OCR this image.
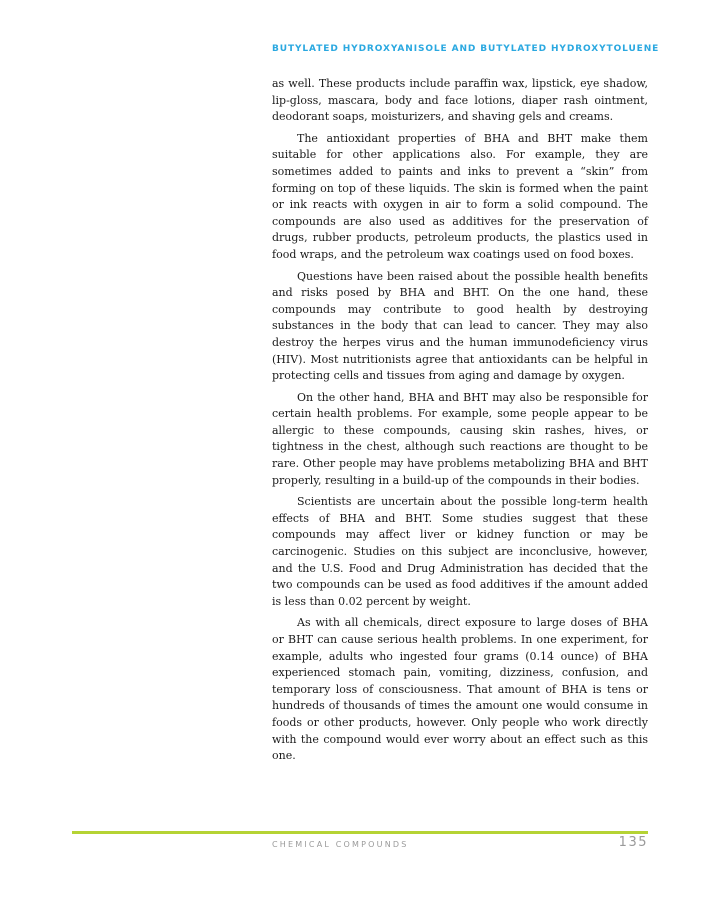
BUTYLATED HYDROXYANISOLE AND BUTYLATED HYDROXYTOLUENE

as well. These products include paraffin wax, lipstick, eye shadow, lip-gloss, mascara, body and face lotions, diaper rash ointment, deodorant soaps, moisturizers, and shaving gels and creams.

The antioxidant properties of BHA and BHT make them suitable for other applications also. For example, they are sometimes added to paints and inks to prevent a “skin” from forming on top of these liquids. The skin is formed when the paint or ink reacts with oxygen in air to form a solid compound. The compounds are also used as additives for the preservation of drugs, rubber products, petroleum products, the plastics used in food wraps, and the petroleum wax coatings used on food boxes.

Questions have been raised about the possible health benefits and risks posed by BHA and BHT. On the one hand, these compounds may contribute to good health by destroying substances in the body that can lead to cancer. They may also destroy the herpes virus and the human immunodeficiency virus (HIV). Most nutritionists agree that antioxidants can be helpful in protecting cells and tissues from aging and damage by oxygen.

On the other hand, BHA and BHT may also be responsible for certain health problems. For example, some people appear to be allergic to these compounds, causing skin rashes, hives, or tightness in the chest, although such reactions are thought to be rare. Other people may have problems metabolizing BHA and BHT properly, resulting in a build-up of the compounds in their bodies.

Scientists are uncertain about the possible long-term health effects of BHA and BHT. Some studies suggest that these compounds may affect liver or kidney function or may be carcinogenic. Studies on this subject are inconclusive, however, and the U.S. Food and Drug Administration has decided that the two compounds can be used as food additives if the amount added is less than 0.02 percent by weight.

As with all chemicals, direct exposure to large doses of BHA or BHT can cause serious health problems. In one experiment, for example, adults who ingested four grams (0.14 ounce) of BHA experienced stomach pain, vomiting, dizziness, confusion, and temporary loss of consciousness. That amount of BHA is tens or hundreds of thousands of times the amount one would consume in foods or other products, however. Only people who work directly with the compound would ever worry about an effect such as this one.

CHEMICAL COMPOUNDS	135
